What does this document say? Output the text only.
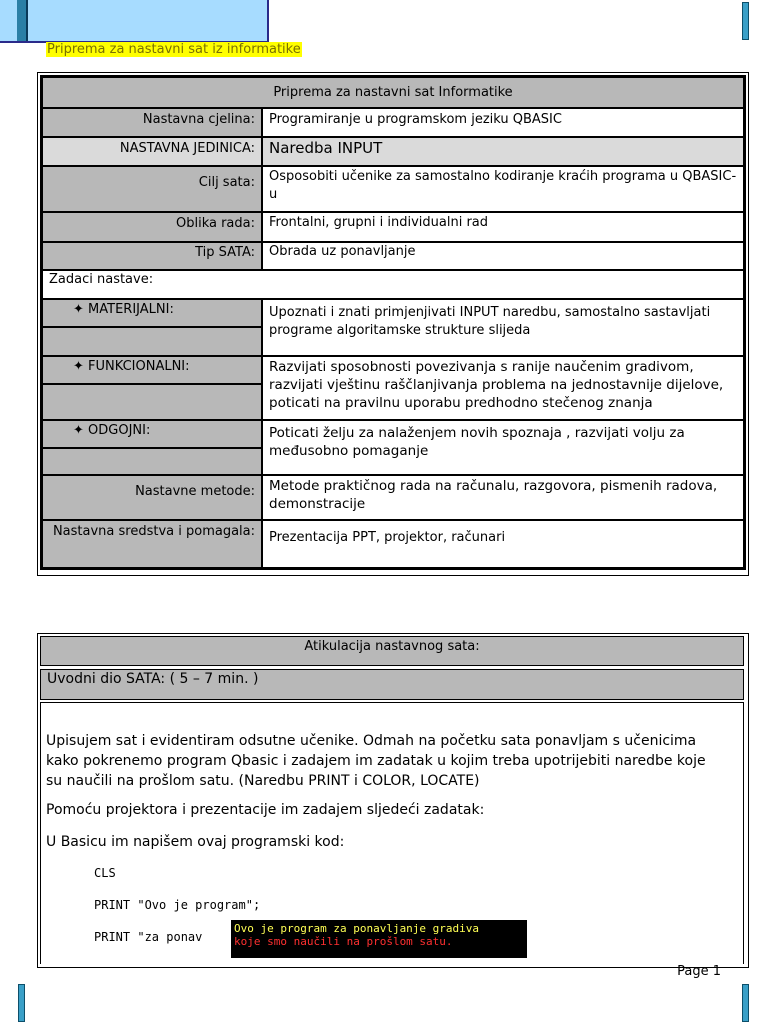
Priprema za nastavni sat iz informatike
Priprema za nastavni sat Informatike	
Nastavna cjelina:	Programiranje u programskom jeziku QBASIC
NASTAVNA JEDINICA:	Naredba INPUT
Cilj sata:	Osposobiti učenike za samostalno kodiranje kraćih programa u QBASIC-u
Oblika rada:	Frontalni, grupni i individualni rad
Tip SATA:	Obrada uz ponavljanje
Zadaci nastave:	
✦ MATERIJALNI:	Upoznati i znati primjenjivati INPUT naredbu, samostalno sastavljati programe algoritamske strukture slijeda

✦ FUNKCIONALNI:	Razvijati sposobnosti povezivanja s ranije naučenim gradivom, razvijati vještinu raščlanjivanja problema na jednostavnije dijelove, poticati na pravilnu uporabu predhodno stečenog znanja

✦ ODGOJNI:	Poticati želju za nalaženjem novih spoznaja , razvijati volju za međusobno pomaganje

Nastavne metode:	Metode praktičnog rada na računalu, razgovora, pismenih radova, demonstracije
Nastavna sredstva i pomagala:	Prezentacija PPT, projektor, računari
Atikulacija nastavnog sata:
Uvodni dio SATA: ( 5 – 7 min. )
Upisujem sat i evidentiram odsutne učenike. Odmah na početku sata ponavljam s učenicima kako pokrenemo program Qbasic i zadajem im zadatak u kojim treba upotrijebiti naredbe koje su naučili na prošlom satu. (Naredbu PRINT i COLOR, LOCATE)
Pomoću projektora i prezentacije im zadajem sljedeći zadatak:
U Basicu im napišem ovaj programski kod:
CLS
PRINT "Ovo je program";
PRINT "za ponav
Ovo je program za ponavljanje gradiva
koje smo naučili na prošlom satu.
Page 1
